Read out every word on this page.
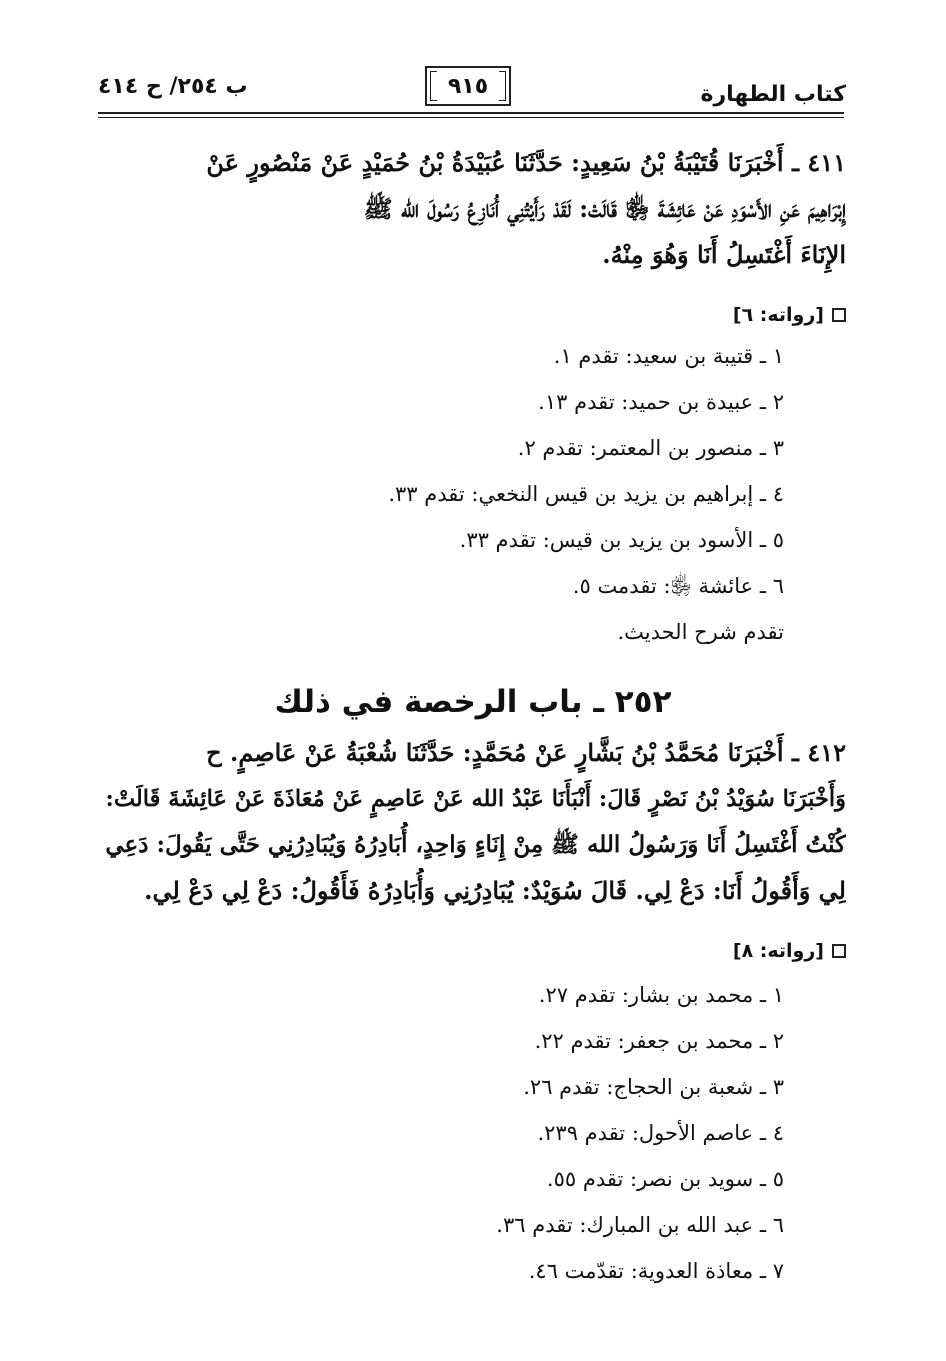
ب ٢٥٤/ ح ٤١٤	٩١٥	كتاب الطهارة
٤١١ ـ أَخْبَرَنَا قُتَيْبَةُ بْنُ سَعِيدٍ: حَدَّثَنَا عُبَيْدَةُ بْنُ حُمَيْدٍ عَنْ مَنْصُورٍ عَنْ
إِبْرَاهِيمَ عَنِ الأَسْوَدِ عَنْ عَائِشَةَ ﵂ قَالَتْ: لَقَدْ رَأَيْتُنِي أُنَازِعُ رَسُولَ الله ﷺ
الإِنَاءَ أَغْتَسِلُ أَنَا وَهُوَ مِنْهُ.
[رواته: ٦]
١ ـ قتيبة بن سعيد: تقدم ١.
٢ ـ عبيدة بن حميد: تقدم ١٣.
٣ ـ منصور بن المعتمر: تقدم ٢.
٤ ـ إبراهيم بن يزيد بن قيس النخعي: تقدم ٣٣.
٥ ـ الأسود بن يزيد بن قيس: تقدم ٣٣.
٦ ـ عائشة ﵂: تقدمت ٥.
تقدم شرح الحديث.
٢٥٢ ـ باب الرخصة في ذلك
٤١٢ ـ أَخْبَرَنَا مُحَمَّدُ بْنُ بَشَّارٍ عَنْ مُحَمَّدٍ: حَدَّثَنَا شُعْبَةُ عَنْ عَاصِمٍ. ح
وَأَخْبَرَنَا سُوَيْدُ بْنُ نَصْرٍ قَالَ: أَنْبَأَنَا عَبْدُ الله عَنْ عَاصِمٍ عَنْ مُعَاذَةَ عَنْ عَائِشَةَ قَالَتْ:
كُنْتُ أَغْتَسِلُ أَنَا وَرَسُولُ الله ﷺ مِنْ إِنَاءٍ وَاحِدٍ، أُبَادِرُهُ وَيُبَادِرُنِي حَتَّى يَقُولَ: دَعِي
لِي وَأَقُولُ أَنَا: دَعْ لِي. قَالَ سُوَيْدٌ: يُبَادِرُنِي وَأُبَادِرُهُ فَأَقُولُ: دَعْ لِي دَعْ لِي.
[رواته: ٨]
١ ـ محمد بن بشار: تقدم ٢٧.
٢ ـ محمد بن جعفر: تقدم ٢٢.
٣ ـ شعبة بن الحجاج: تقدم ٢٦.
٤ ـ عاصم الأحول: تقدم ٢٣٩.
٥ ـ سويد بن نصر: تقدم ٥٥.
٦ ـ عبد الله بن المبارك: تقدم ٣٦.
٧ ـ معاذة العدوية: تقدّمت ٤٦.
